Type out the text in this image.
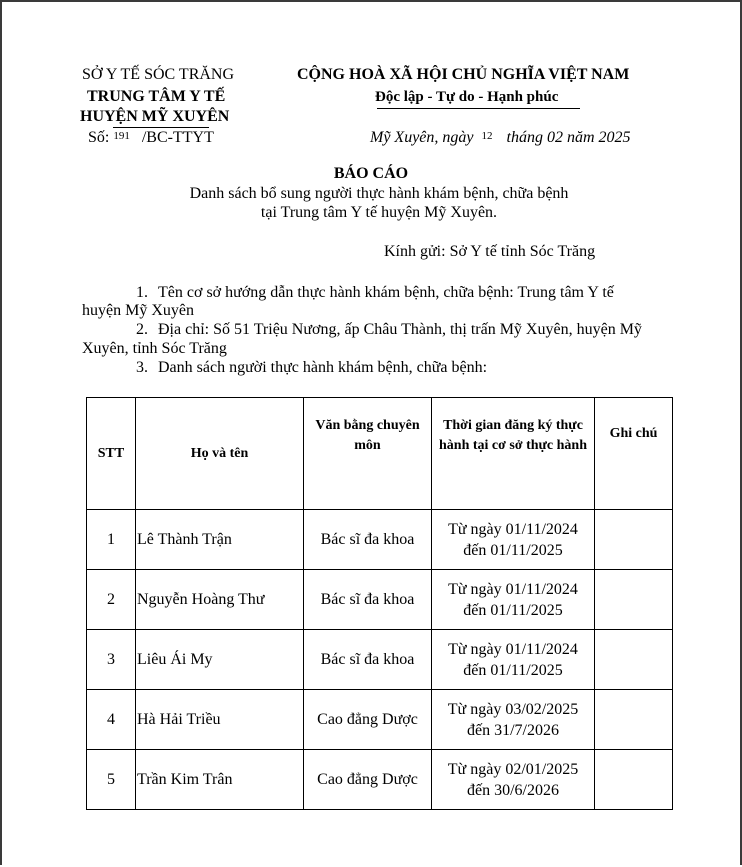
SỞ Y TẾ SÓC TRĂNG
TRUNG TÂM Y TẾ
HUYỆN MỸ XUYÊN
Số: 191 /BC-TTYT
CỘNG HOÀ XÃ HỘI CHỦ NGHĨA VIỆT NAM
Độc lập - Tự do - Hạnh phúc
Mỹ Xuyên, ngày 12 tháng 02 năm 2025
BÁO CÁO
Danh sách bổ sung người thực hành khám bệnh, chữa bệnh
tại Trung tâm Y tế huyện Mỹ Xuyên.
Kính gửi: Sở Y tế tỉnh Sóc Trăng
1. Tên cơ sở hướng dẫn thực hành khám bệnh, chữa bệnh: Trung tâm Y tế
huyện Mỹ Xuyên
2. Địa chỉ: Số 51 Triệu Nương, ấp Châu Thành, thị trấn Mỹ Xuyên, huyện Mỹ
Xuyên, tỉnh Sóc Trăng
3. Danh sách người thực hành khám bệnh, chữa bệnh:
STT	Họ và tên	Văn bằng chuyên
môn	Thời gian đăng ký thực
hành tại cơ sở thực hành	Ghi chú
1	Lê Thành Trận	Bác sĩ đa khoa	Từ ngày 01/11/2024
đến 01/11/2025	

2	Nguyễn Hoàng Thư	Bác sĩ đa khoa	Từ ngày 01/11/2024
đến 01/11/2025	

3	Liêu Ái My	Bác sĩ đa khoa	Từ ngày 01/11/2024
đến 01/11/2025	

4	Hà Hải Triều	Cao đẳng Dược	Từ ngày 03/02/2025
đến 31/7/2026	

5	Trần Kim Trân	Cao đẳng Dược	Từ ngày 02/01/2025
đến 30/6/2026	
